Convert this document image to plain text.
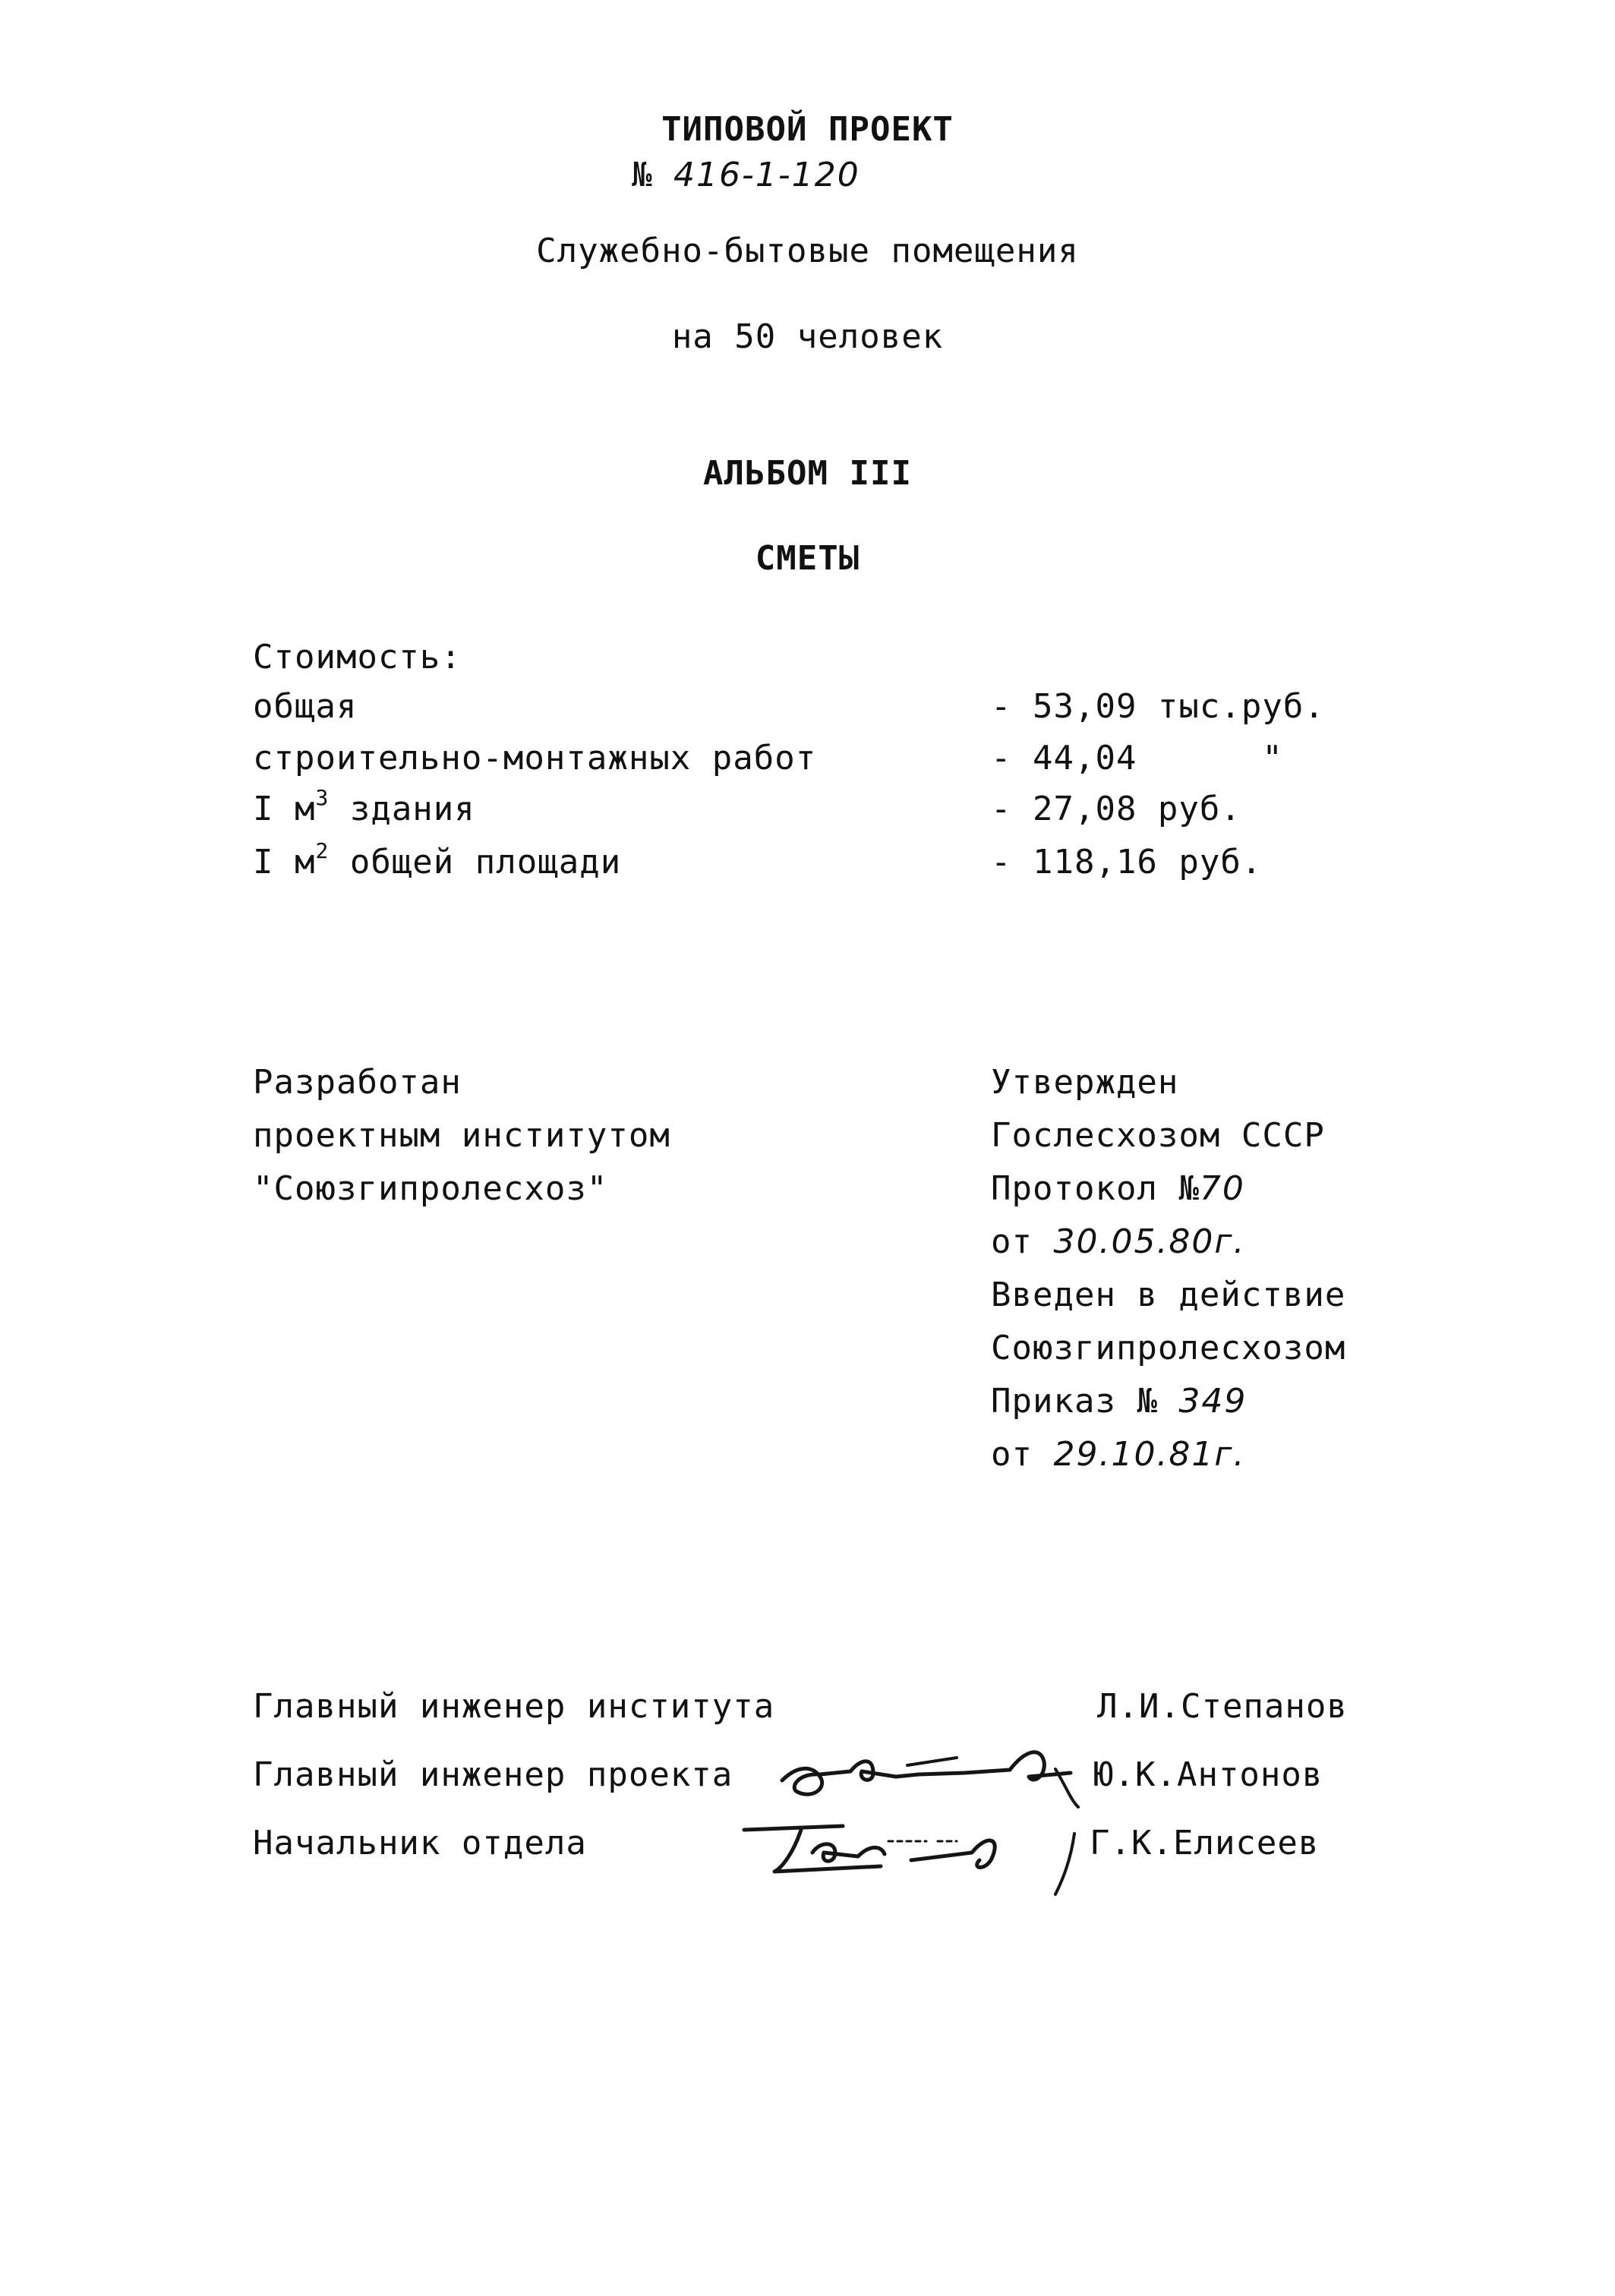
ТИПОВОЙ ПРОЕКТ
№ 416-1-120
Служебно-бытовые помещения
на 50 человек
АЛЬБОМ III
СМЕТЫ
Стоимость:
общая	- 53,09 тыс.руб.
строительно-монтажных работ	- 44,04      "
I $м^3$ здания	- 27,08 руб.
I $м^2$ общей площади	- 118,16 руб.
Разработан
проектным институтом
"Союзгипролесхоз"
Утвержден
Гослесхозом СССР
Протокол №70
от 30.05.80г.
Введен в действие
Союзгипролесхозом
Приказ № 349
от 29.10.81г.
Главный инженер института	Л.И.Степанов
Главный инженер проекта	Ю.К.Антонов
Начальник отдела	Г.К.Елисеев
